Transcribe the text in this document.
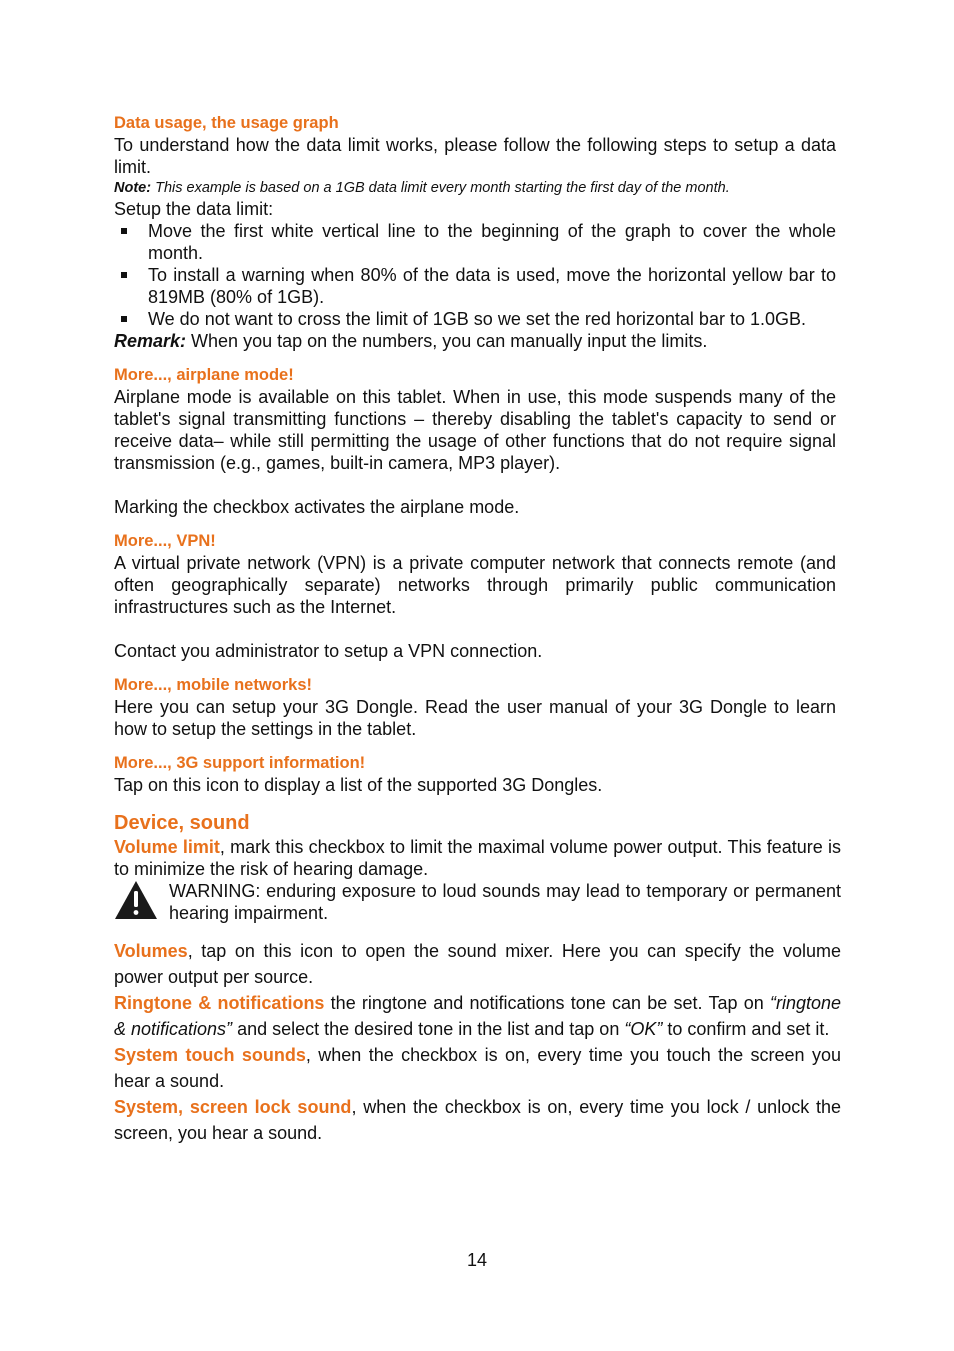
Data usage, the usage graph

To understand how the data limit works, please follow the following steps to setup a data limit.

Note: This example is based on a 1GB data limit every month starting the first day of the month.

Setup the data limit:

Move the first white vertical line to the beginning of the graph to cover the whole month.
To install a warning when 80% of the data is used, move the horizontal yellow bar to 819MB (80% of 1GB).
We do not want to cross the limit of 1GB so we set the red horizontal bar to 1.0GB.

Remark: When you tap on the numbers, you can manually input the limits.

More..., airplane mode!

Airplane mode is available on this tablet. When in use, this mode suspends many of the tablet's signal transmitting functions – thereby disabling the tablet's capacity to send or receive data– while still permitting the usage of other functions that do not require signal transmission (e.g., games, built-in camera, MP3 player).

Marking the checkbox activates the airplane mode.

More..., VPN!

A virtual private network (VPN) is a private computer network that connects remote (and often geographically separate) networks through primarily public communication infrastructures such as the Internet.

Contact you administrator to setup a VPN connection.

More..., mobile networks!

Here you can setup your 3G Dongle. Read the user manual of your 3G Dongle to learn how to setup the settings in the tablet.

More..., 3G support information!

Tap on this icon to display a list of the supported 3G Dongles.

Device, sound

Volume limit, mark this checkbox to limit the maximal volume power output. This feature is to minimize the risk of hearing damage.

WARNING: enduring exposure to loud sounds may lead to temporary or permanent hearing impairment.

Volumes, tap on this icon to open the sound mixer. Here you can specify the volume power output per source.

Ringtone & notifications the ringtone and notifications tone can be set. Tap on “ringtone & notifications” and select the desired tone in the list and tap on “OK” to confirm and set it.

System touch sounds, when the checkbox is on, every time you touch the screen you hear a sound.

System, screen lock sound, when the checkbox is on, every time you lock / unlock the screen, you hear a sound.

14
